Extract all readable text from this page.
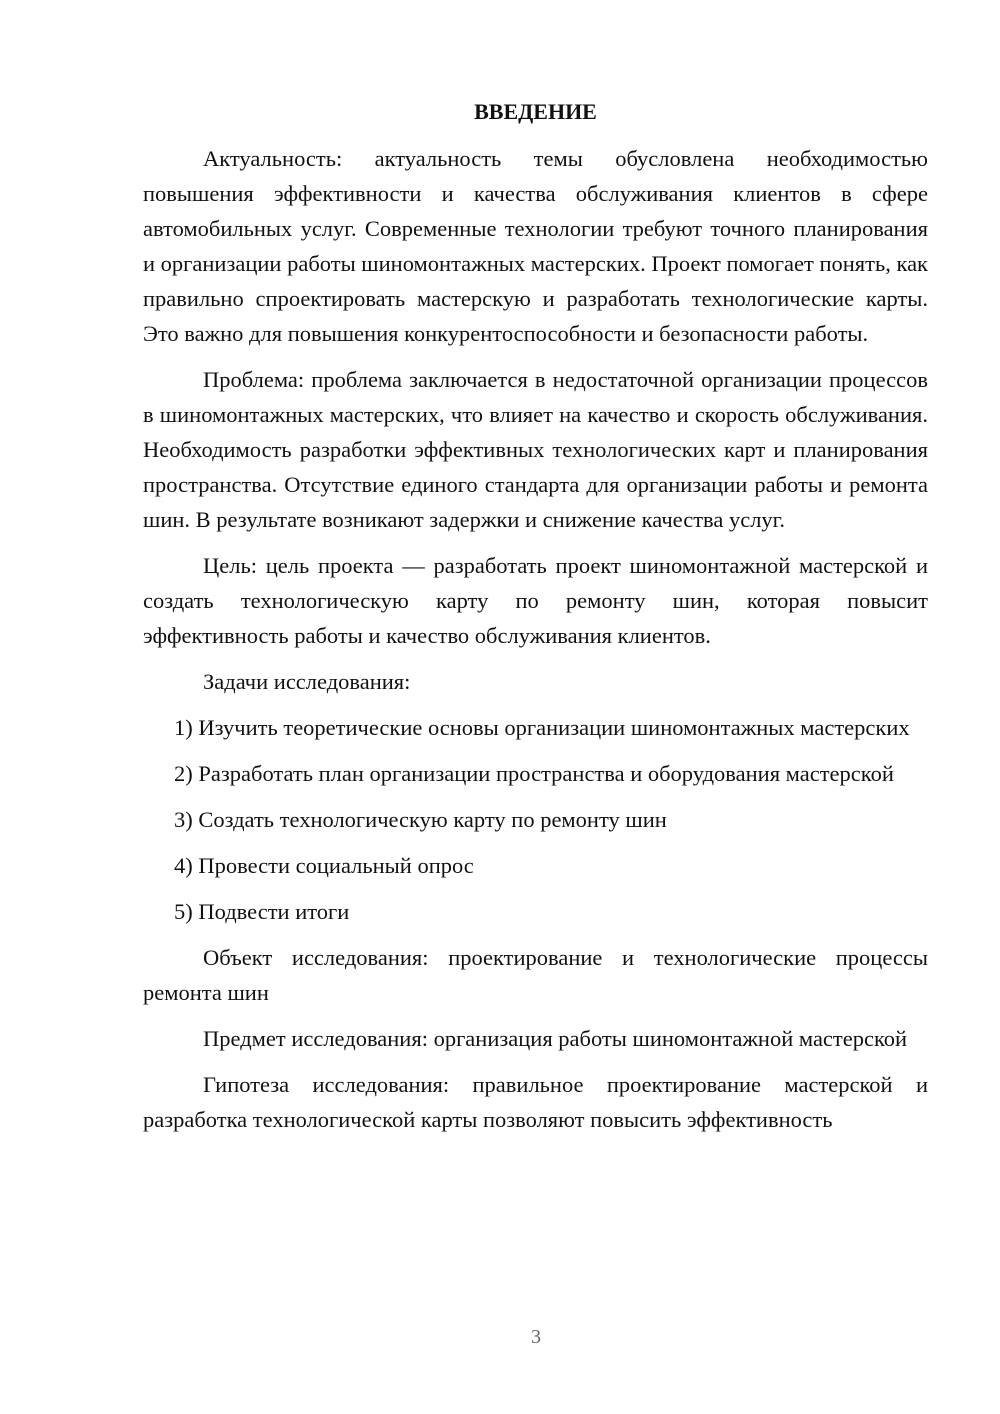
ВВЕДЕНИЕ

Актуальность: актуальность темы обусловлена необходимостью повышения эффективности и качества обслуживания клиентов в сфере автомобильных услуг. Современные технологии требуют точного планирования и организации работы шиномонтажных мастерских. Проект помогает понять, как правильно спроектировать мастерскую и разработать технологические карты. Это важно для повышения конкурентоспособности и безопасности работы.

Проблема: проблема заключается в недостаточной организации процессов в шиномонтажных мастерских, что влияет на качество и скорость обслуживания. Необходимость разработки эффективных технологических карт и планирования пространства. Отсутствие единого стандарта для организации работы и ремонта шин. В результате возникают задержки и снижение качества услуг.

Цель: цель проекта — разработать проект шиномонтажной мастерской и создать технологическую карту по ремонту шин, которая повысит эффективность работы и качество обслуживания клиентов.

Задачи исследования:

1) Изучить теоретические основы организации шиномонтажных мастерских

2) Разработать план организации пространства и оборудования мастерской

3) Создать технологическую карту по ремонту шин

4) Провести социальный опрос

5) Подвести итоги

Объект исследования: проектирование и технологические процессы ремонта шин

Предмет исследования: организация работы шиномонтажной мастерской

Гипотеза исследования: правильное проектирование мастерской и разработка технологической карты позволяют повысить эффективность

3
